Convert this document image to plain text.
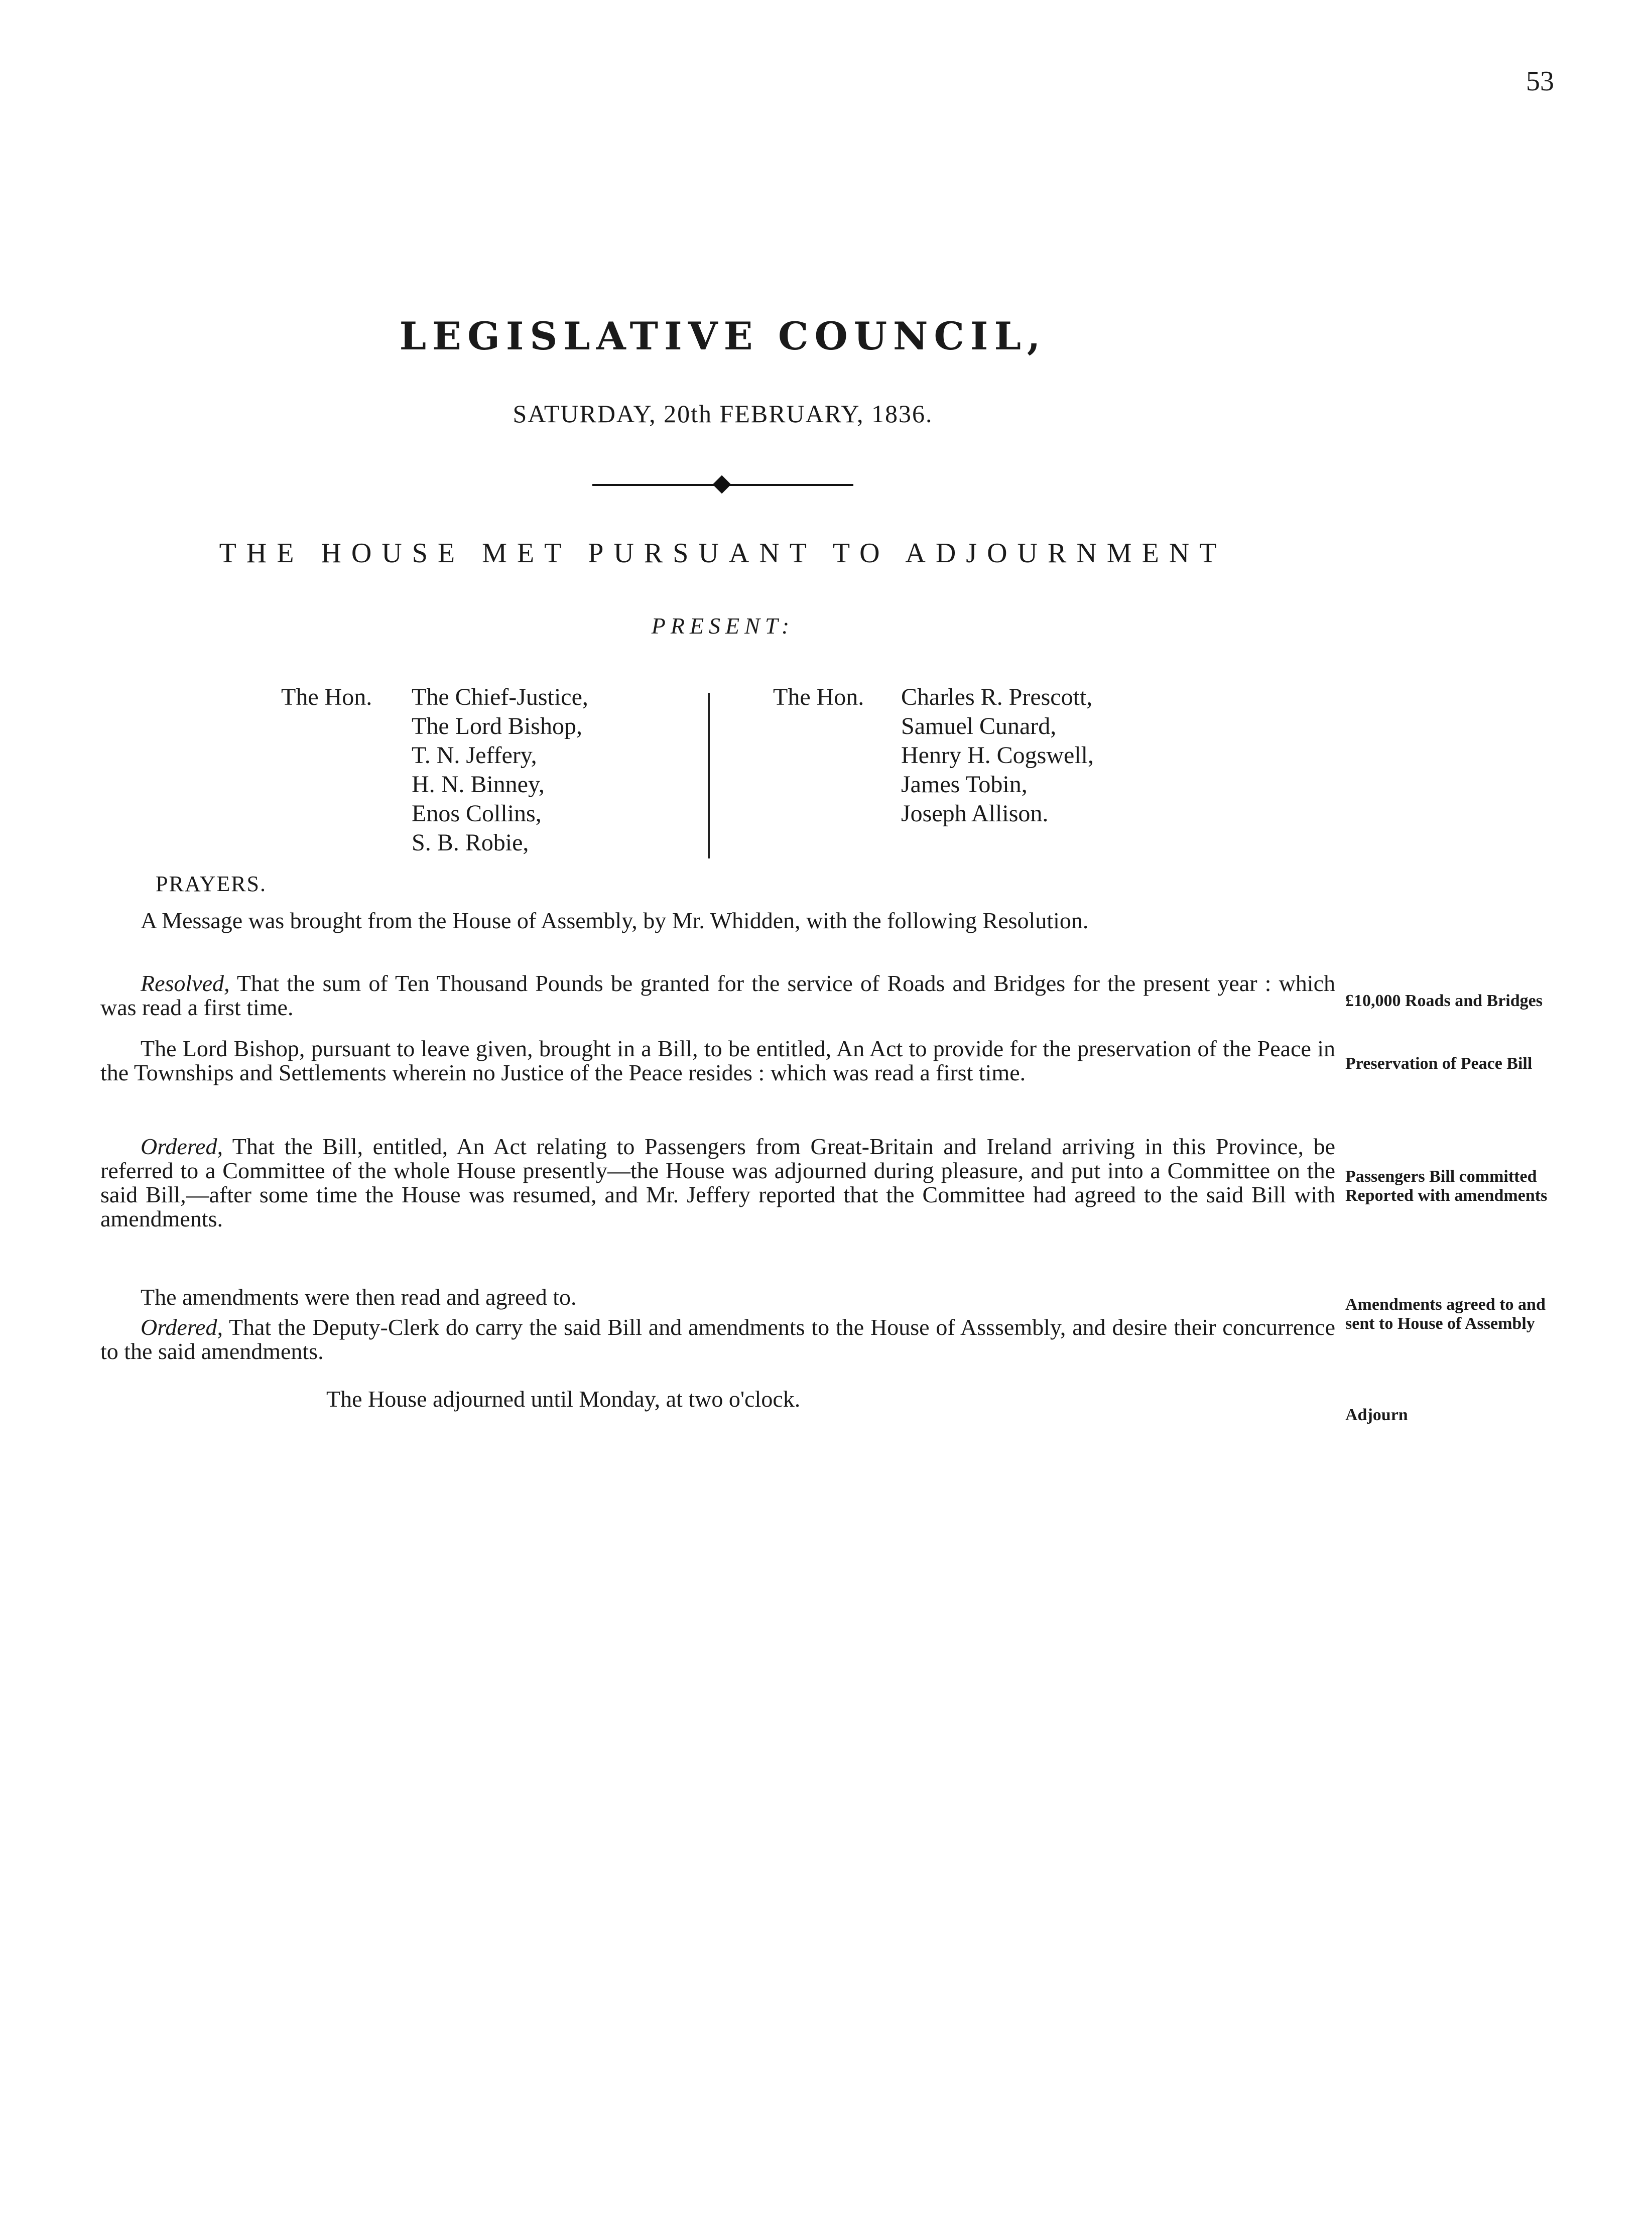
53
LEGISLATIVE COUNCIL,
SATURDAY, 20th FEBRUARY, 1836.
THE HOUSE MET PURSUANT TO ADJOURNMENT
PRESENT:
The Hon. The Chief-Justice,
The Lord Bishop,
T. N. Jeffery,
H. N. Binney,
Enos Collins,
S. B. Robie,
The Hon. Charles R. Prescott,
Samuel Cunard,
Henry H. Cogswell,
James Tobin,
Joseph Allison.
PRAYERS.
A Message was brought from the House of Assembly, by Mr. Whidden, with the following Resolution.
Resolved, That the sum of Ten Thousand Pounds be granted for the service of Roads and Bridges for the present year : which was read a first time.
The Lord Bishop, pursuant to leave given, brought in a Bill, to be entitled, An Act to provide for the preservation of the Peace in the Townships and Settlements wherein no Justice of the Peace resides : which was read a first time.
Ordered, That the Bill, entitled, An Act relating to Passengers from Great-Britain and Ireland arriving in this Province, be referred to a Committee of the whole House presently—the House was adjourned during pleasure, and put into a Committee on the said Bill,—after some time the House was resumed, and Mr. Jeffery reported that the Committee had agreed to the said Bill with amendments.
The amendments were then read and agreed to.
Ordered, That the Deputy-Clerk do carry the said Bill and amendments to the House of Asssembly, and desire their concurrence to the said amendments.
The House adjourned until Monday, at two o'clock.
£10,000 Roads and Bridges
Preservation of Peace Bill
Passengers Bill committed Reported with amendments
Amendments agreed to and sent to House of Assembly
Adjourn
